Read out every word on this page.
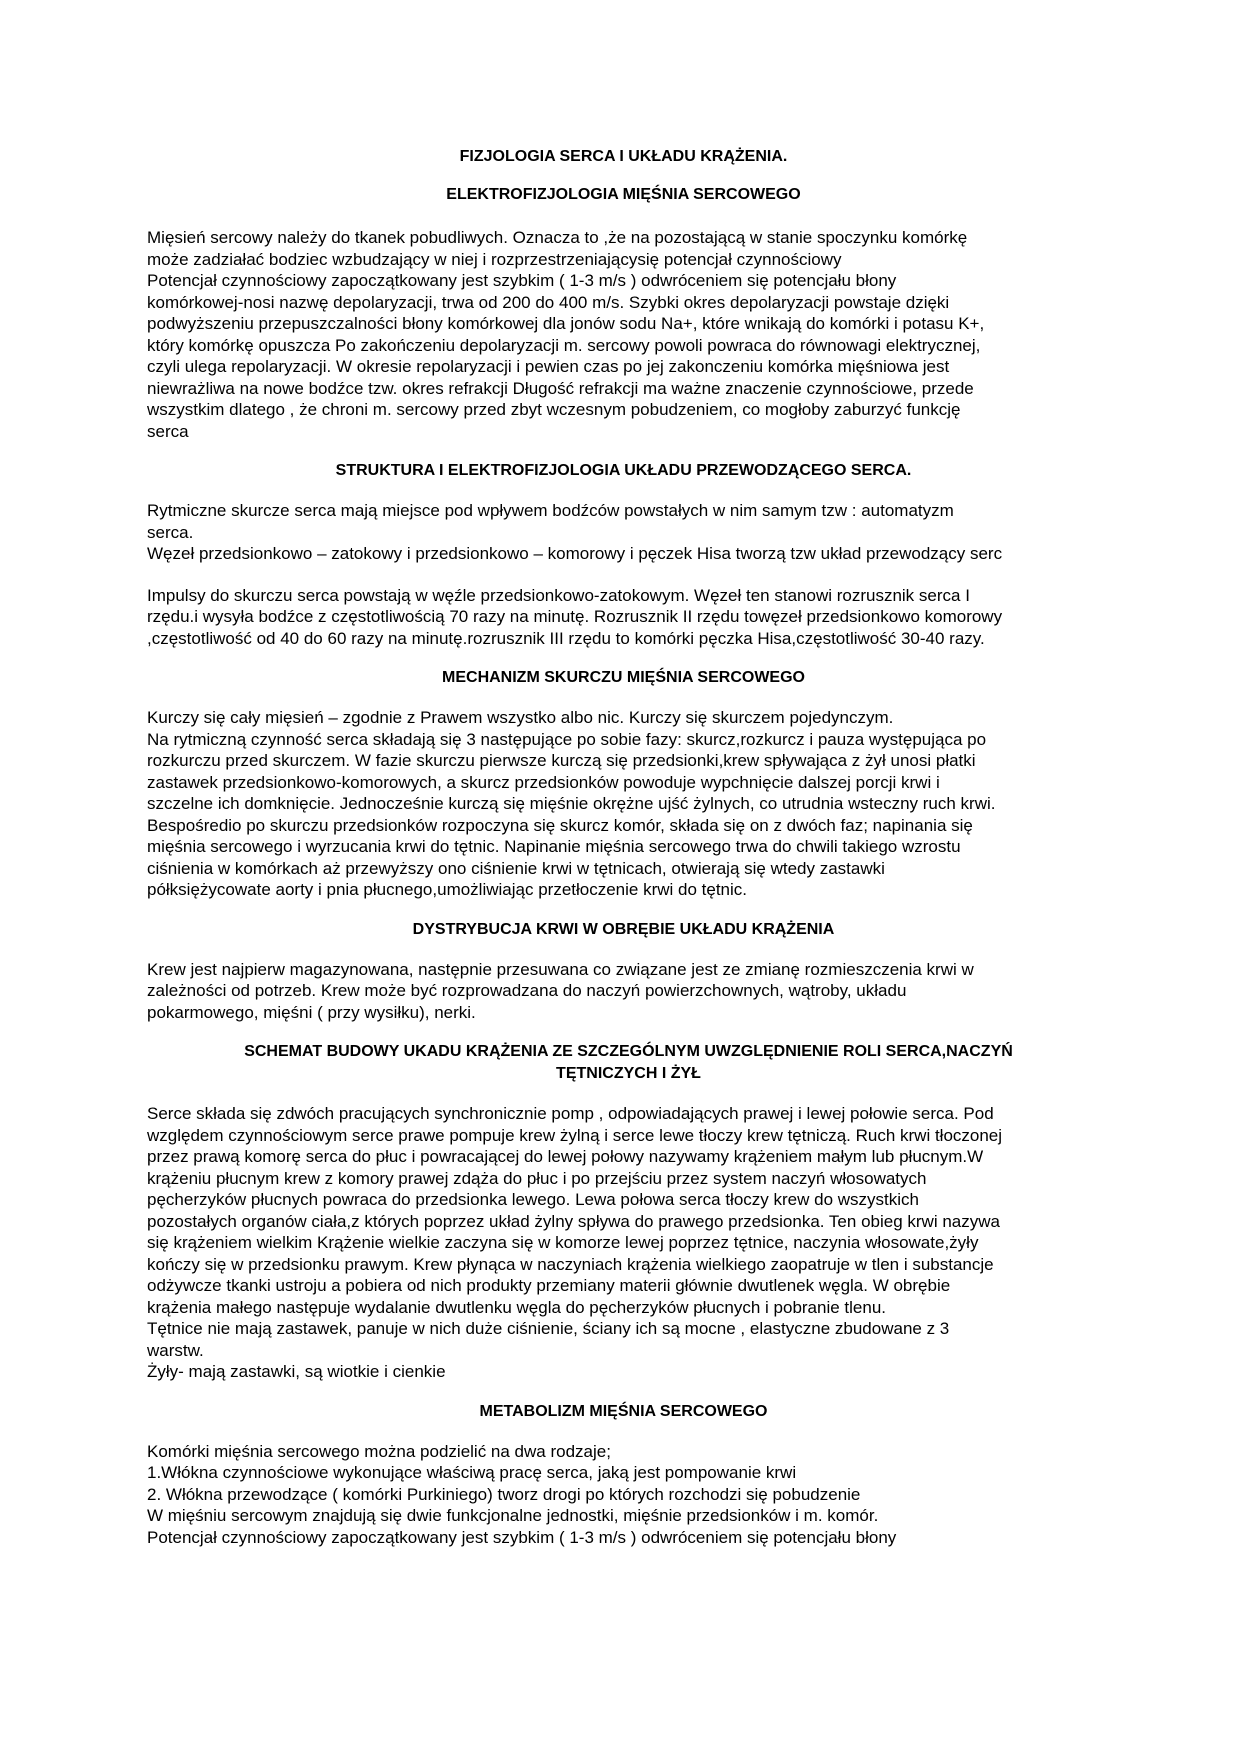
FIZJOLOGIA SERCA I UKŁADU KRĄŻENIA.
ELEKTROFIZJOLOGIA MIĘŚNIA SERCOWEGO

Mięsień sercowy należy do tkanek pobudliwych. Oznacza to ,że na pozostającą w stanie spoczynku komórkę
może zadziałać bodziec wzbudzający w niej i rozprzestrzeniającysię potencjał czynnościowy
Potencjał czynnościowy zapoczątkowany jest szybkim ( 1-3 m/s ) odwróceniem się potencjału błony
komórkowej-nosi nazwę depolaryzacji, trwa od 200 do 400 m/s. Szybki okres depolaryzacji powstaje dzięki
podwyższeniu przepuszczalności błony komórkowej dla jonów sodu Na+, które wnikają do komórki i potasu K+,
który komórkę opuszcza Po zakończeniu depolaryzacji m. sercowy powoli powraca do równowagi elektrycznej,
czyli ulega repolaryzacji. W okresie repolaryzacji i pewien czas po jej zakonczeniu komórka mięśniowa jest
niewrażliwa na nowe bodźce tzw. okres refrakcji Długość refrakcji ma ważne znaczenie czynnościowe, przede
wszystkim dlatego , że chroni m. sercowy przed zbyt wczesnym pobudzeniem, co mogłoby zaburzyć funkcję
serca

STRUKTURA I ELEKTROFIZJOLOGIA UKŁADU PRZEWODZĄCEGO SERCA.

Rytmiczne skurcze serca mają miejsce pod wpływem bodźców powstałych w nim samym tzw : automatyzm
serca.
Węzeł przedsionkowo – zatokowy i przedsionkowo – komorowy i pęczek Hisa tworzą tzw układ przewodzący serc

Impulsy do skurczu serca powstają w węźle przedsionkowo-zatokowym. Węzeł ten stanowi rozrusznik serca I
rzędu.i wysyła bodźce z częstotliwością 70 razy na minutę. Rozrusznik II rzędu towęzeł przedsionkowo komorowy
,częstotliwość od 40 do 60 razy na minutę.rozrusznik III rzędu to komórki pęczka Hisa,częstotliwość 30-40 razy.

MECHANIZM SKURCZU MIĘŚNIA SERCOWEGO

Kurczy się cały mięsień – zgodnie z Prawem wszystko albo nic. Kurczy się skurczem pojedynczym.
Na rytmiczną czynność serca składają się 3 następujące po sobie fazy: skurcz,rozkurcz i pauza występująca po
rozkurczu przed skurczem. W fazie skurczu pierwsze kurczą się przedsionki,krew spływająca z żył unosi płatki
zastawek przedsionkowo-komorowych, a skurcz przedsionków powoduje wypchnięcie dalszej porcji krwi i
szczelne ich domknięcie. Jednocześnie kurczą się mięśnie okrężne ujść żylnych, co utrudnia wsteczny ruch krwi.
Bespośredio po skurczu przedsionków rozpoczyna się skurcz komór, składa się on z dwóch faz; napinania się
mięśnia sercowego i wyrzucania krwi do tętnic. Napinanie mięśnia sercowego trwa do chwili takiego wzrostu
ciśnienia w komórkach aż przewyższy ono ciśnienie krwi w tętnicach, otwierają się wtedy zastawki
półksiężycowate aorty i pnia płucnego,umożliwiając przetłoczenie krwi do tętnic.

DYSTRYBUCJA KRWI W OBRĘBIE UKŁADU KRĄŻENIA

Krew jest najpierw magazynowana, następnie przesuwana co związane jest ze zmianę rozmieszczenia krwi w
zależności od potrzeb. Krew może być rozprowadzana do naczyń powierzchownych, wątroby, układu
pokarmowego, mięśni ( przy wysiłku), nerki.

SCHEMAT BUDOWY UKADU KRĄŻENIA ZE SZCZEGÓLNYM UWZGLĘDNIENIE ROLI SERCA,NACZYŃ
TĘTNICZYCH I ŻYŁ

Serce składa się zdwóch pracujących synchronicznie pomp , odpowiadających prawej i lewej połowie serca. Pod
względem czynnościowym serce prawe pompuje krew żylną i serce lewe tłoczy krew tętniczą. Ruch krwi tłoczonej
przez prawą komorę serca do płuc i powracającej do lewej połowy nazywamy krążeniem małym lub płucnym.W
krążeniu płucnym krew z komory prawej zdąża do płuc i po przejściu przez system naczyń włosowatych
pęcherzyków płucnych powraca do przedsionka lewego. Lewa połowa serca tłoczy krew do wszystkich
pozostałych organów ciała,z których poprzez układ żylny spływa do prawego przedsionka. Ten obieg krwi nazywa
się krążeniem wielkim Krążenie wielkie zaczyna się w komorze lewej poprzez tętnice, naczynia włosowate,żyły
kończy się w przedsionku prawym. Krew płynąca w naczyniach krążenia wielkiego zaopatruje w tlen i substancje
odżywcze tkanki ustroju a pobiera od nich produkty przemiany materii głównie dwutlenek węgla. W obrębie
krążenia małego następuje wydalanie dwutlenku węgla do pęcherzyków płucnych i pobranie tlenu.
Tętnice nie mają zastawek, panuje w nich duże ciśnienie, ściany ich są mocne , elastyczne zbudowane z 3
warstw.
Żyły- mają zastawki, są wiotkie i cienkie

METABOLIZM MIĘŚNIA SERCOWEGO

Komórki mięśnia sercowego można podzielić na dwa rodzaje;
1.Włókna czynnościowe wykonujące właściwą pracę serca, jaką jest pompowanie krwi
2. Włókna przewodzące ( komórki Purkiniego) tworz drogi po których rozchodzi się pobudzenie
W mięśniu sercowym znajdują się dwie funkcjonalne jednostki, mięśnie przedsionków i m. komór.
Potencjał czynnościowy zapoczątkowany jest szybkim ( 1-3 m/s ) odwróceniem się potencjału błony
